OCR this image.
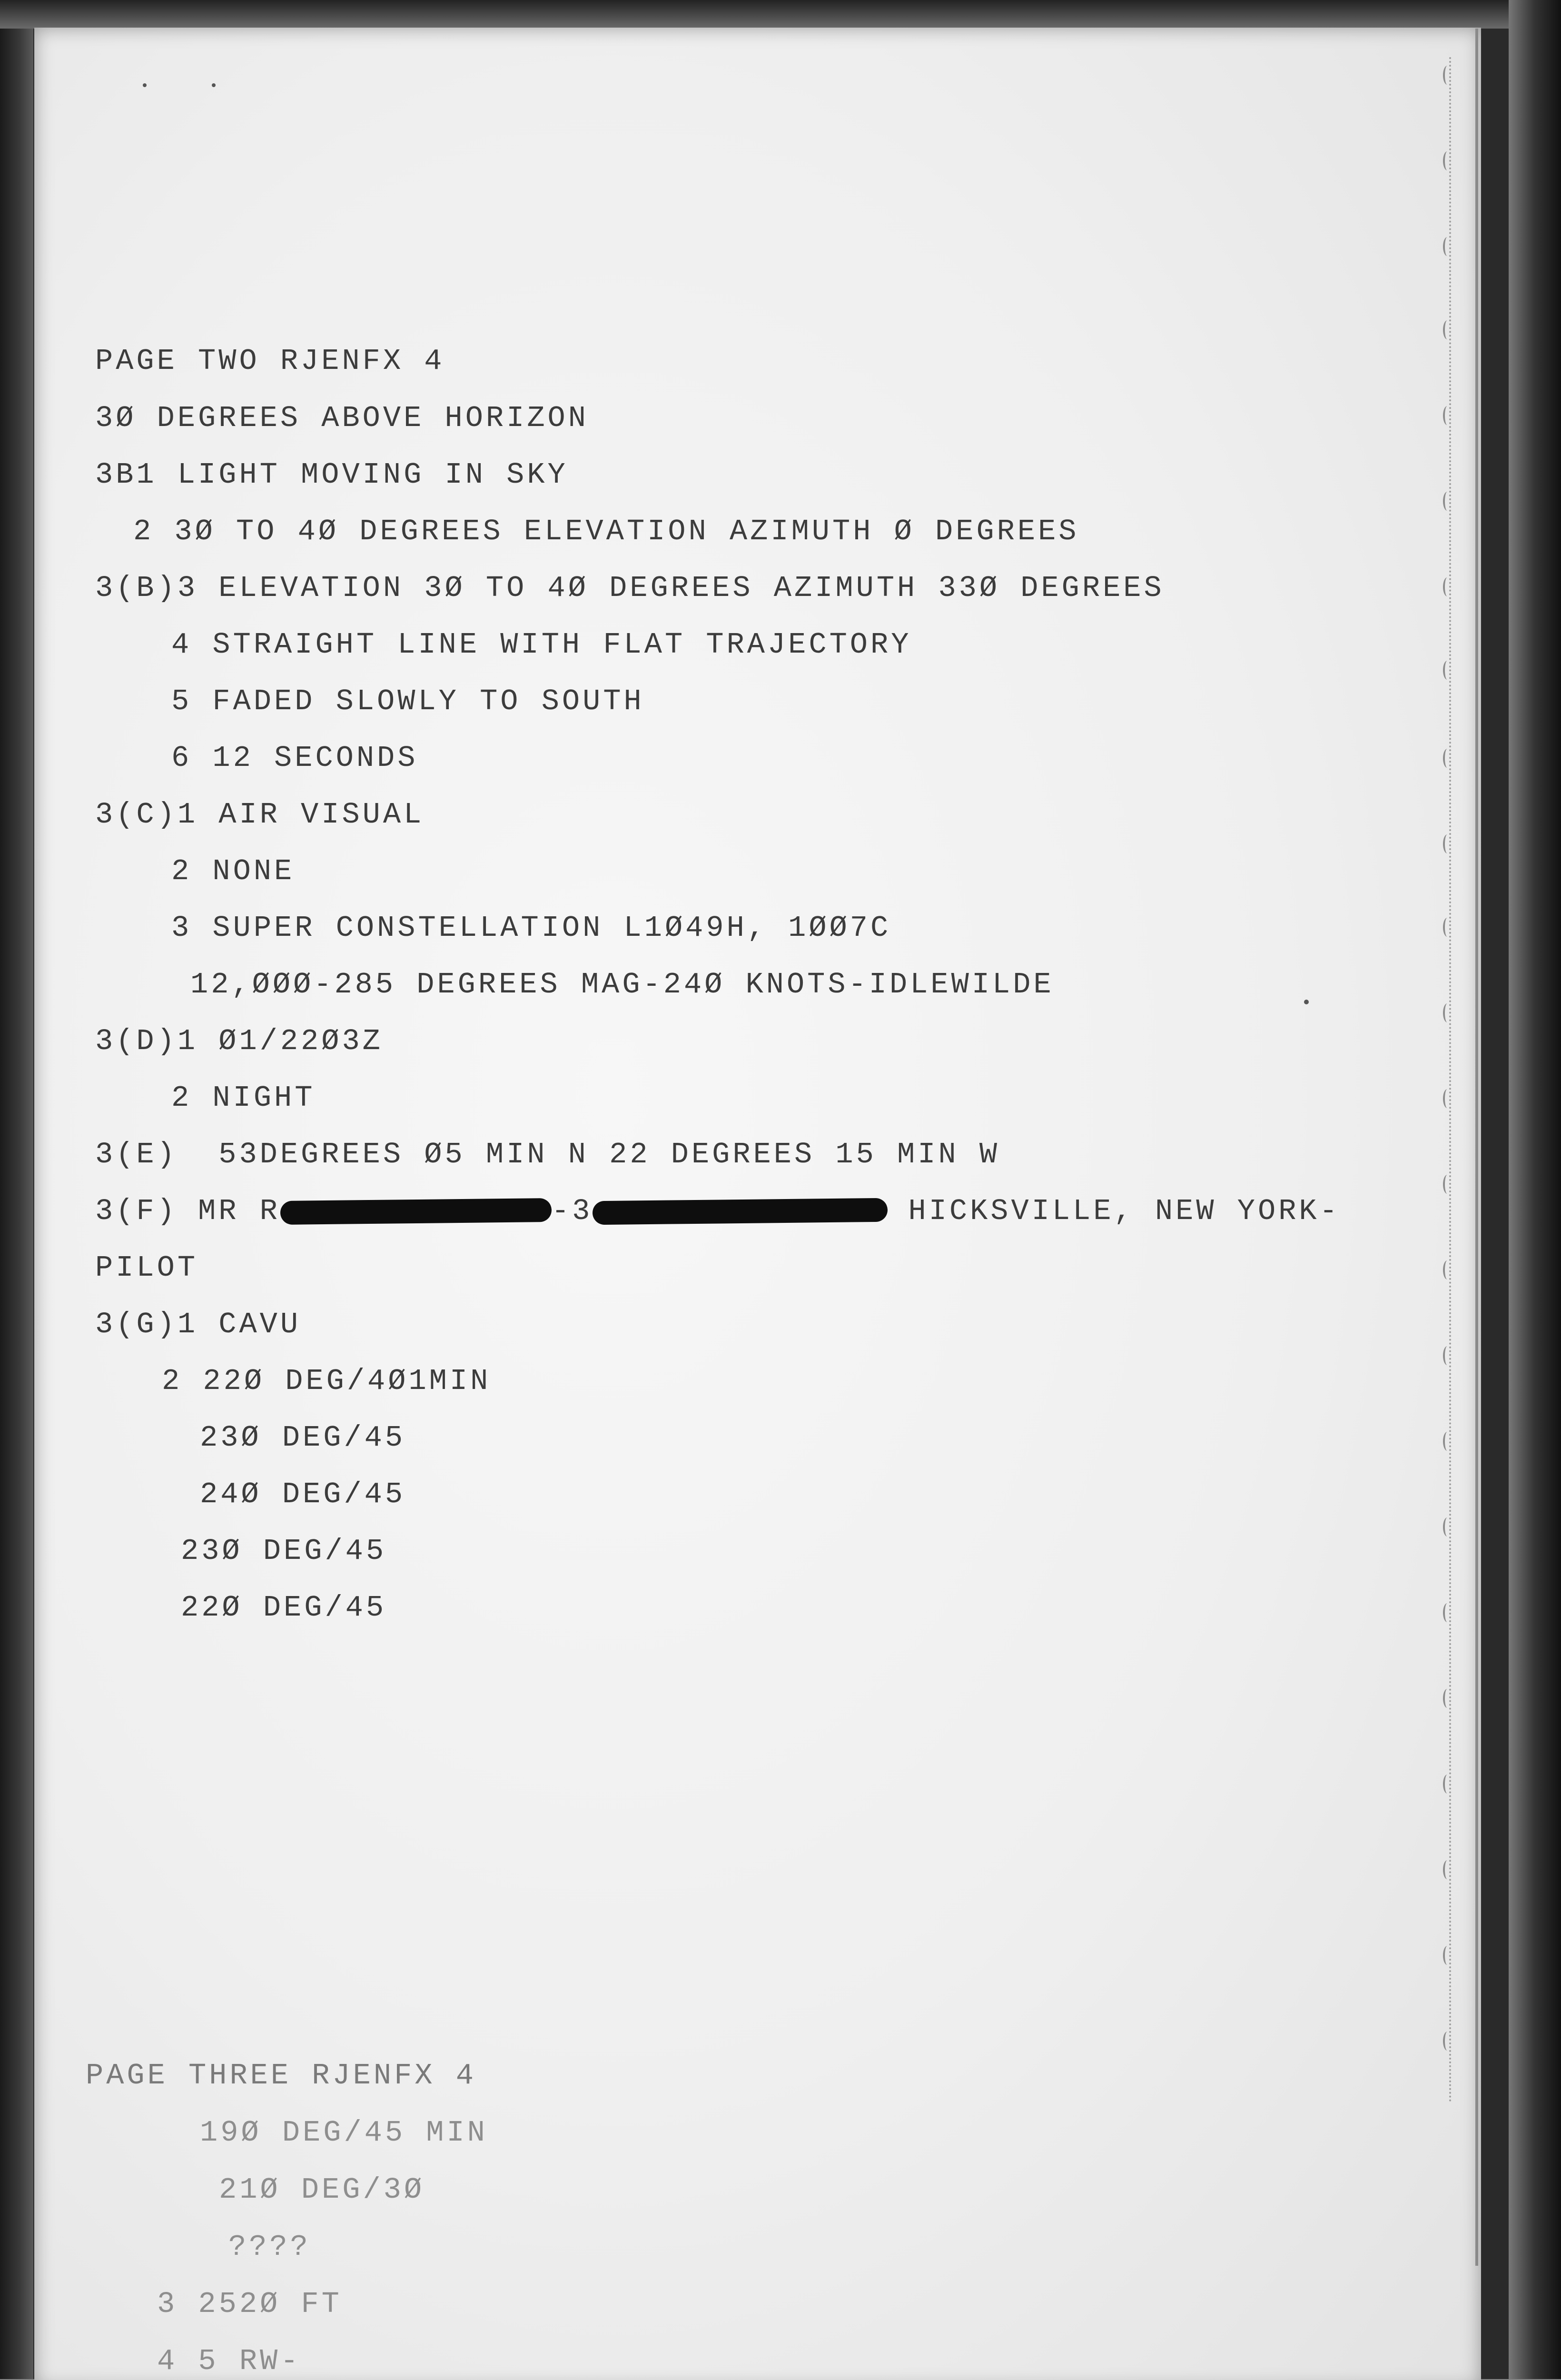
PAGE TWO RJENFX 4
3Ø DEGREES ABOVE HORIZON
3B1 LIGHT MOVING IN SKY
2 3Ø TO 4Ø DEGREES ELEVATION AZIMUTH Ø DEGREES
3(B)3 ELEVATION 3Ø TO 4Ø DEGREES AZIMUTH 33Ø DEGREES
4 STRAIGHT LINE WITH FLAT TRAJECTORY
5 FADED SLOWLY TO SOUTH
6 12 SECONDS
3(C)1 AIR VISUAL
2 NONE
3 SUPER CONSTELLATION L1Ø49H, 1ØØ7C
12,ØØØ-285 DEGREES MAG-24Ø KNOTS-IDLEWILDE
3(D)1 Ø1/22Ø3Z
2 NIGHT
3(E)  53DEGREES Ø5 MIN N 22 DEGREES 15 MIN W
3(F) MR R	-3	HICKSVILLE, NEW YORK-
PILOT
3(G)1 CAVU
2 22Ø DEG/4Ø1MIN
23Ø DEG/45
24Ø DEG/45
23Ø DEG/45
22Ø DEG/45
PAGE THREE RJENFX 4
19Ø DEG/45 MIN
21Ø DEG/3Ø
????
3 252Ø FT
4 5 RW-
